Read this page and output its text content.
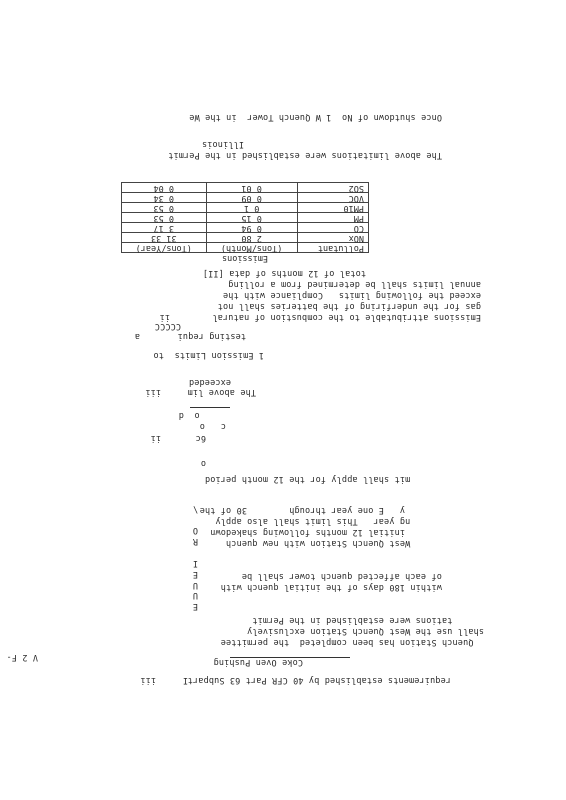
Coke Oven Pushing
requirements established by 40 CFR Part 63 Subpart
iii	I
V 2 F-
Quench Station has been completed  the permittee
shall use the West Quench Station exclusively
tations were established in the Permit
within 180 days of the initial quench with
of each affected quench tower shall be
West Quench Station with new quench
initial 12 months following shakedown
ng year   This limit shall also apply
y   E one year through        30 of the
mit shall apply for the 12 month period
E
U
U
E
I
R
O
\
o
6c
ii
c   o
o  d
The above lim
iii
exceeded
1 Emission Limits  to
testing requi
a
CCCCC
ii	Emissions attributable to the combustion of natural
gas for the underfiring of the batteries shall not
exceed the following limits   Compliance with the
annual limits shall be determined from a rolling
total of 12 months of data [II]
Emissions		
Pollutant	(Tons/Month)	(Tons/Year)
NOx	2 80	31 33
CO	0 94	3 17
PM	0 15	0 53
PM10	0 1	0 53
VOC	0 09	0 34
SO2	0 01	0 04
The above limitations were established in the Permit
Illinois
Once shutdown of No  1 W Quench Tower  in the We
